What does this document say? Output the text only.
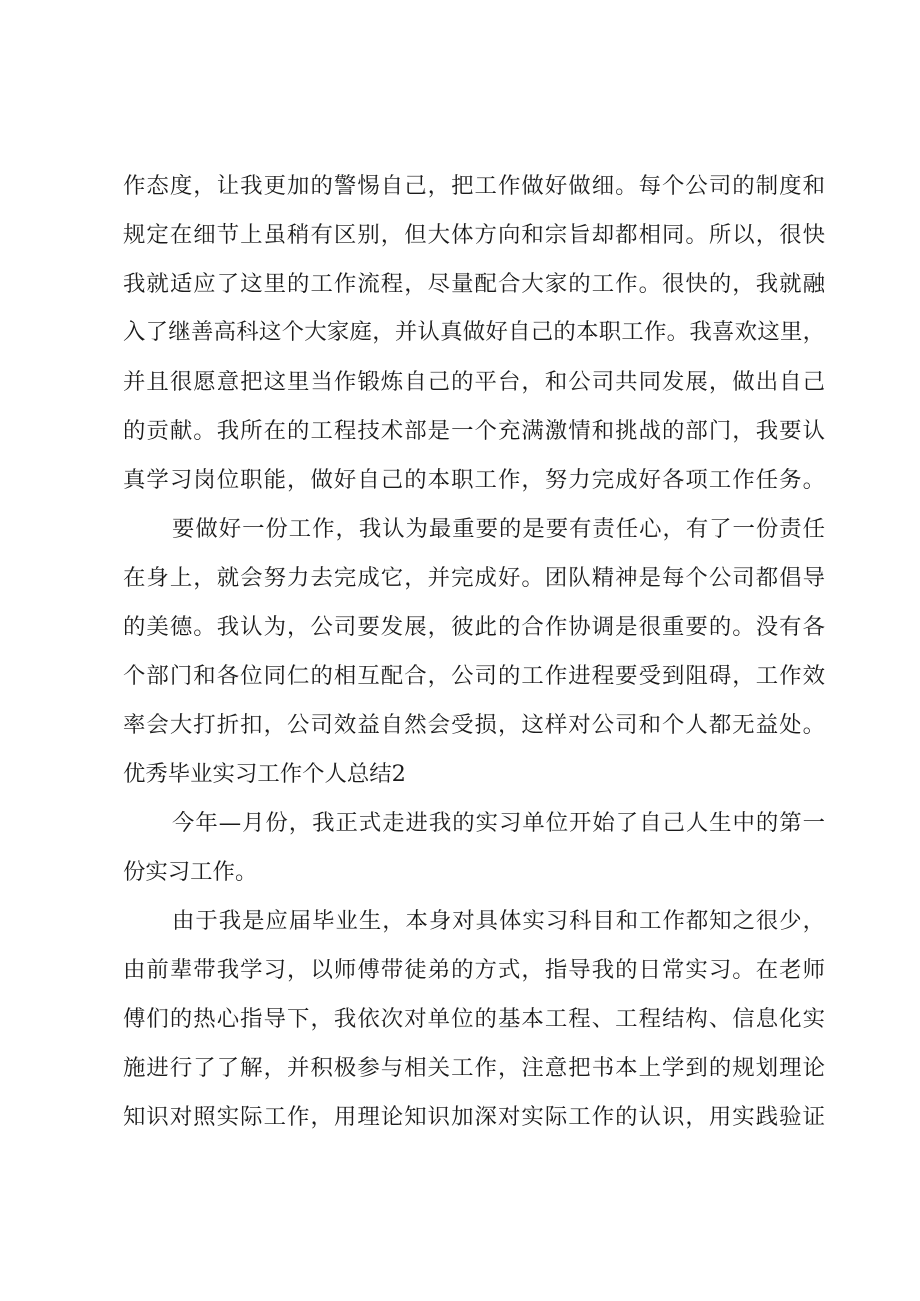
作态度，让我更加的警惕自己，把工作做好做细。每个公司的制度和
规定在细节上虽稍有区别，但大体方向和宗旨却都相同。所以，很快
我就适应了这里的工作流程，尽量配合大家的工作。很快的，我就融
入了继善高科这个大家庭，并认真做好自己的本职工作。我喜欢这里，
并且很愿意把这里当作锻炼自己的平台，和公司共同发展，做出自己
的贡献。我所在的工程技术部是一个充满激情和挑战的部门，我要认
真学习岗位职能，做好自己的本职工作，努力完成好各项工作任务。
要做好一份工作，我认为最重要的是要有责任心，有了一份责任
在身上，就会努力去完成它，并完成好。团队精神是每个公司都倡导
的美德。我认为，公司要发展，彼此的合作协调是很重要的。没有各
个部门和各位同仁的相互配合，公司的工作进程要受到阻碍，工作效
率会大打折扣，公司效益自然会受损，这样对公司和个人都无益处。
优秀毕业实习工作个人总结2
今年—月份，我正式走进我的实习单位开始了自己人生中的第一
份实习工作。
由于我是应届毕业生，本身对具体实习科目和工作都知之很少，
由前辈带我学习，以师傅带徒弟的方式，指导我的日常实习。在老师
傅们的热心指导下，我依次对单位的基本工程、工程结构、信息化实
施进行了了解，并积极参与相关工作，注意把书本上学到的规划理论
知识对照实际工作，用理论知识加深对实际工作的认识，用实践验证
